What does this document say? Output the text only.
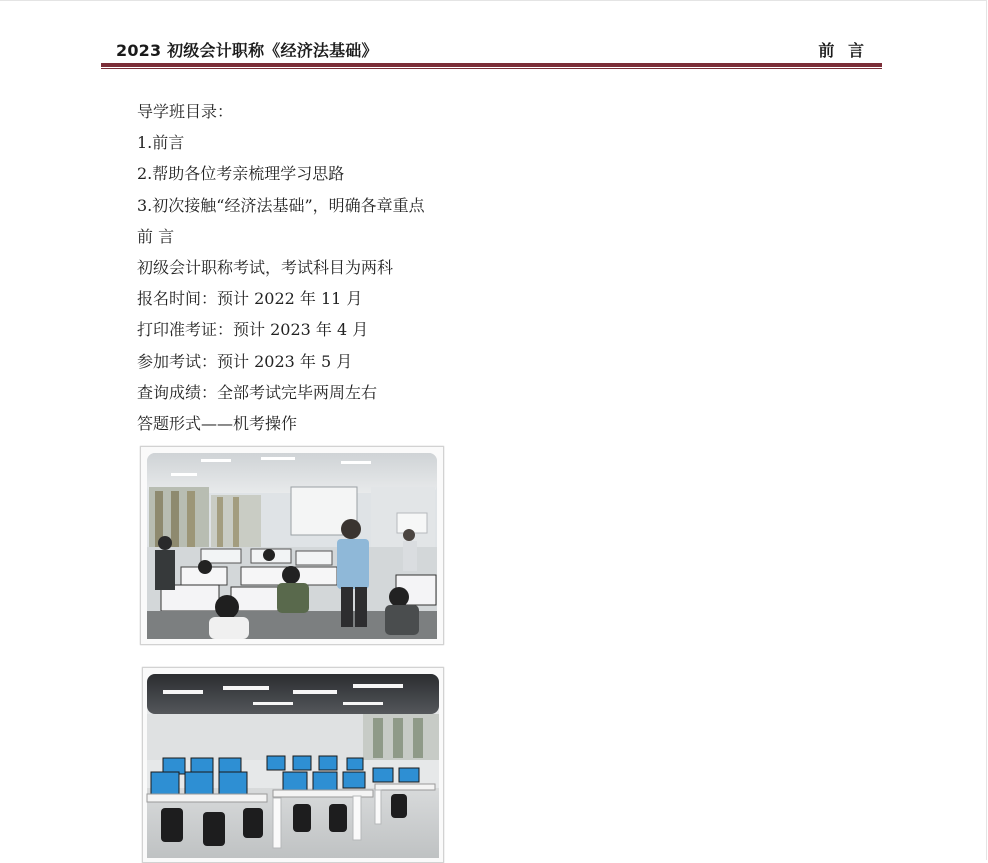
2023 初级会计职称《经济法基础》	前 言
导学班目录：
1.前言
2.帮助各位考亲梳理学习思路
3.初次接触“经济法基础”，明确各章重点
前 言
初级会计职称考试，考试科目为两科
报名时间：预计 2022 年 11 月
打印准考证：预计 2023 年 4 月
参加考试：预计 2023 年 5 月
查询成绩：全部考试完毕两周左右
答题形式——机考操作
